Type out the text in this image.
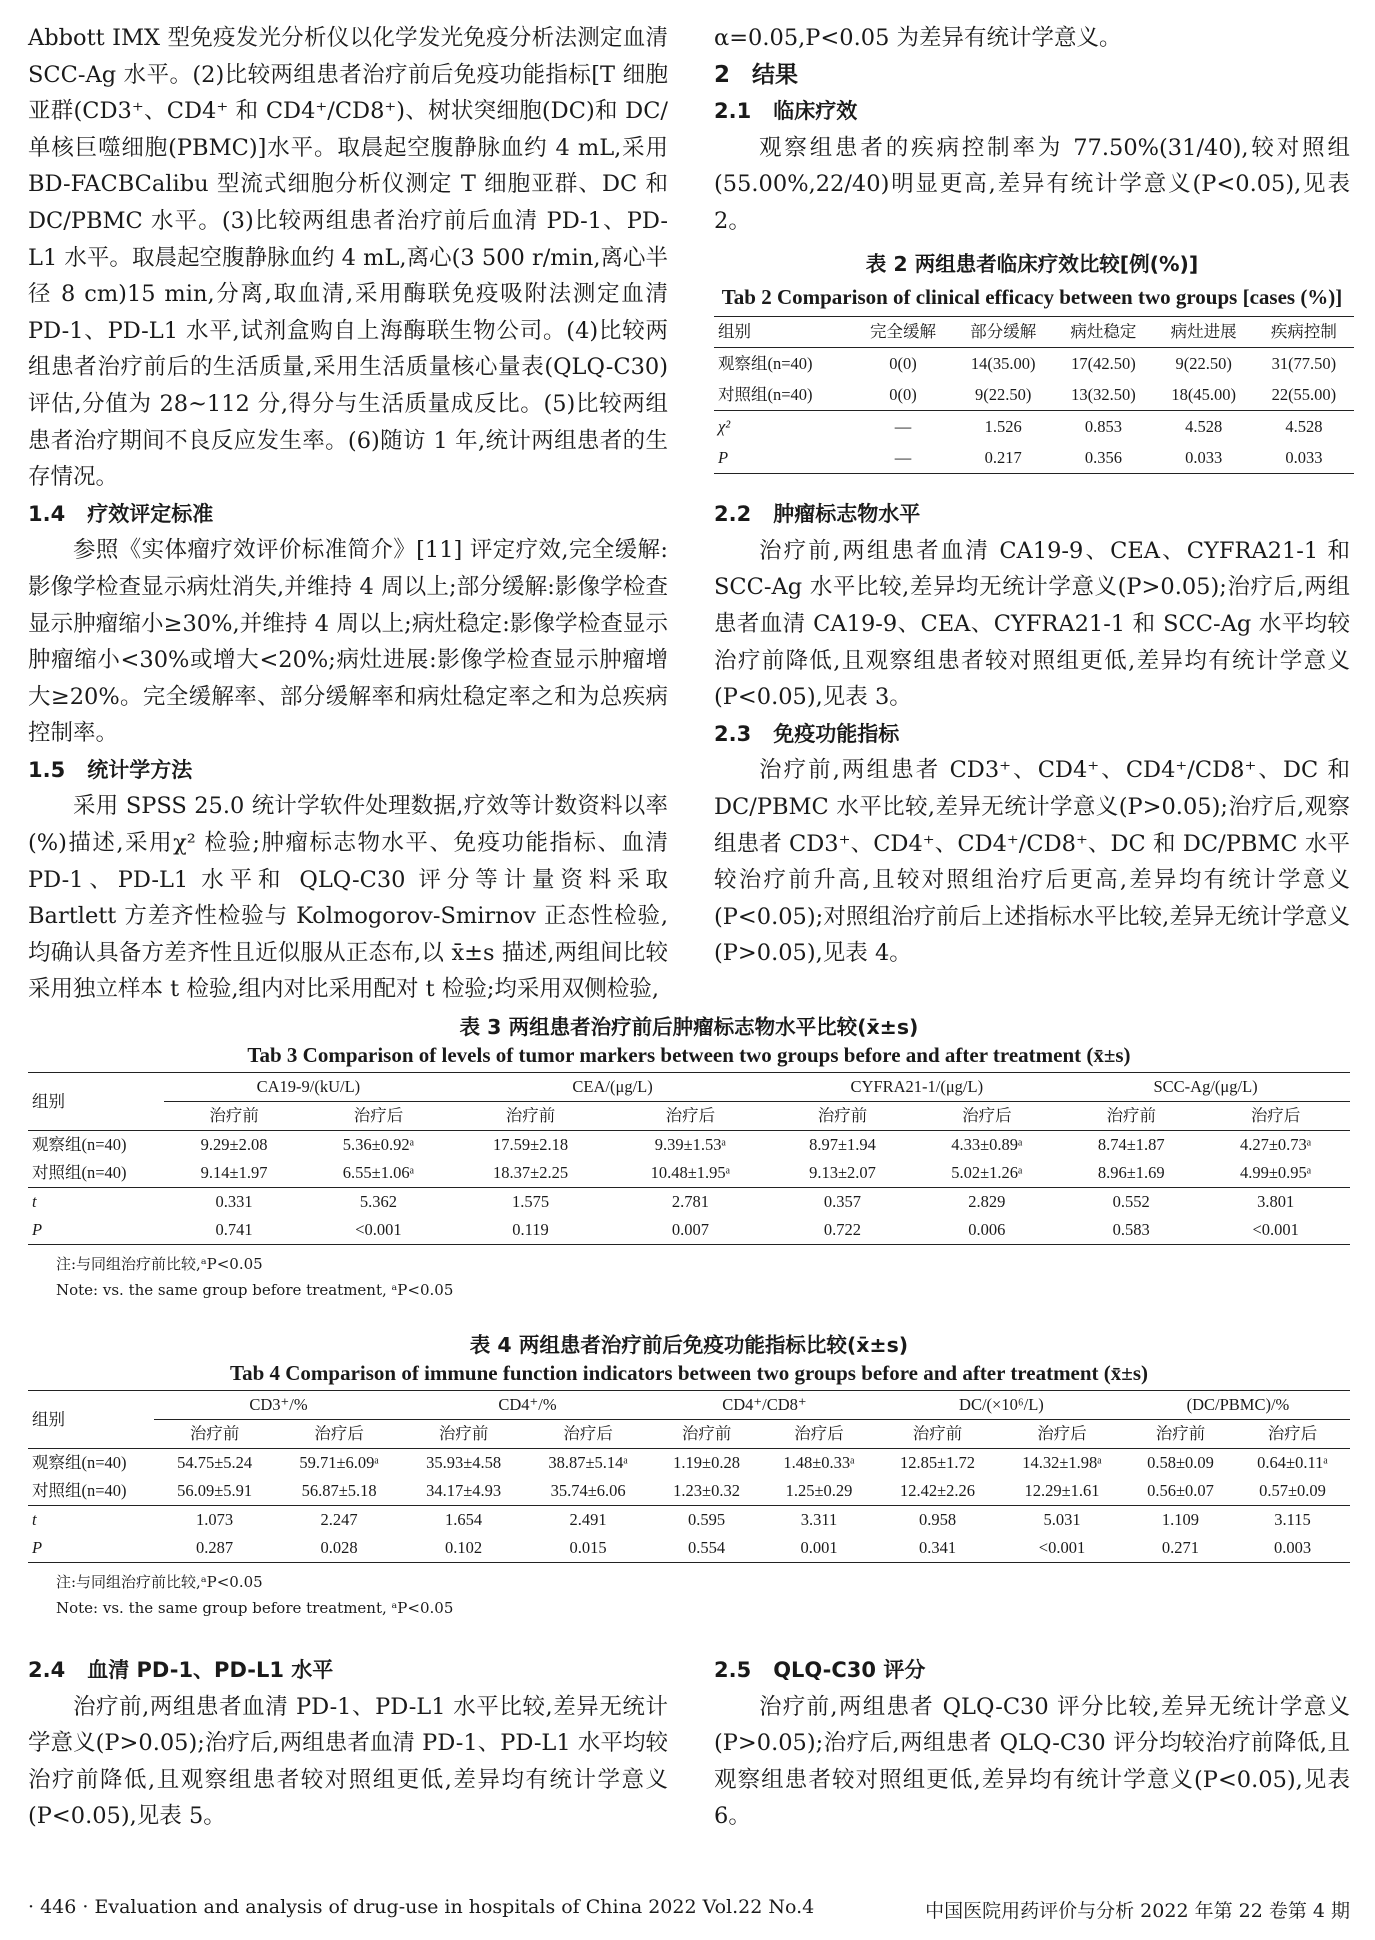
Abbott IMX 型免疫发光分析仪以化学发光免疫分析法测定血清 SCC-Ag 水平。(2)比较两组患者治疗前后免疫功能指标[T 细胞亚群(CD3⁺、CD4⁺ 和 CD4⁺/CD8⁺)、树状突细胞(DC)和 DC/单核巨噬细胞(PBMC)]水平。取晨起空腹静脉血约 4 mL,采用 BD-FACBCalibu 型流式细胞分析仪测定 T 细胞亚群、DC 和 DC/PBMC 水平。(3)比较两组患者治疗前后血清 PD-1、PD-L1 水平。取晨起空腹静脉血约 4 mL,离心(3 500 r/min,离心半径 8 cm)15 min,分离,取血清,采用酶联免疫吸附法测定血清 PD-1、PD-L1 水平,试剂盒购自上海酶联生物公司。(4)比较两组患者治疗前后的生活质量,采用生活质量核心量表(QLQ-C30)评估,分值为 28~112 分,得分与生活质量成反比。(5)比较两组患者治疗期间不良反应发生率。(6)随访 1 年,统计两组患者的生存情况。

1.4 疗效评定标准

参照《实体瘤疗效评价标准简介》[11] 评定疗效,完全缓解:影像学检查显示病灶消失,并维持 4 周以上;部分缓解:影像学检查显示肿瘤缩小≥30%,并维持 4 周以上;病灶稳定:影像学检查显示肿瘤缩小<30%或增大<20%;病灶进展:影像学检查显示肿瘤增大≥20%。完全缓解率、部分缓解率和病灶稳定率之和为总疾病控制率。

1.5 统计学方法

采用 SPSS 25.0 统计学软件处理数据,疗效等计数资料以率(%)描述,采用χ² 检验;肿瘤标志物水平、免疫功能指标、血清 PD-1、PD-L1 水平和 QLQ-C30 评分等计量资料采取 Bartlett 方差齐性检验与 Kolmogorov-Smirnov 正态性检验,均确认具备方差齐性且近似服从正态布,以 x̄±s 描述,两组间比较采用独立样本 t 检验,组内对比采用配对 t 检验;均采用双侧检验,

α=0.05,P<0.05 为差异有统计学意义。

2 结果

2.1 临床疗效

观察组患者的疾病控制率为 77.50%(31/40),较对照组(55.00%,22/40)明显更高,差异有统计学意义(P<0.05),见表 2。

表 2 两组患者临床疗效比较[例(%)]

Tab 2 Comparison of clinical efficacy between two groups [cases (%)]

组别	完全缓解	部分缓解	病灶稳定	病灶进展	疾病控制
观察组(n=40)	0(0)	14(35.00)	17(42.50)	9(22.50)	31(77.50)
对照组(n=40)	0(0)	9(22.50)	13(32.50)	18(45.00)	22(55.00)
χ²	—	1.526	0.853	4.528	4.528
P	—	0.217	0.356	0.033	0.033

2.2 肿瘤标志物水平

治疗前,两组患者血清 CA19-9、CEA、CYFRA21-1 和 SCC-Ag 水平比较,差异均无统计学意义(P>0.05);治疗后,两组患者血清 CA19-9、CEA、CYFRA21-1 和 SCC-Ag 水平均较治疗前降低,且观察组患者较对照组更低,差异均有统计学意义(P<0.05),见表 3。

2.3 免疫功能指标

治疗前,两组患者 CD3⁺、CD4⁺、CD4⁺/CD8⁺、DC 和 DC/PBMC 水平比较,差异无统计学意义(P>0.05);治疗后,观察组患者 CD3⁺、CD4⁺、CD4⁺/CD8⁺、DC 和 DC/PBMC 水平较治疗前升高,且较对照组治疗后更高,差异均有统计学意义(P<0.05);对照组治疗前后上述指标水平比较,差异无统计学意义(P>0.05),见表 4。

表 3 两组患者治疗前后肿瘤标志物水平比较(x̄±s)

Tab 3 Comparison of levels of tumor markers between two groups before and after treatment (x̄±s)

组别	CA19-9/(kU/L)		CEA/(μg/L)		CYFRA21-1/(μg/L)		SCC-Ag/(μg/L)	
	治疗前	治疗后	治疗前	治疗后	治疗前	治疗后	治疗前	治疗后
观察组(n=40)	9.29±2.08	5.36±0.92ᵃ	17.59±2.18	9.39±1.53ᵃ	8.97±1.94	4.33±0.89ᵃ	8.74±1.87	4.27±0.73ᵃ
对照组(n=40)	9.14±1.97	6.55±1.06ᵃ	18.37±2.25	10.48±1.95ᵃ	9.13±2.07	5.02±1.26ᵃ	8.96±1.69	4.99±0.95ᵃ
t	0.331	5.362	1.575	2.781	0.357	2.829	0.552	3.801
P	0.741	<0.001	0.119	0.007	0.722	0.006	0.583	<0.001

注:与同组治疗前比较,ᵃP<0.05

Note: vs. the same group before treatment, ᵃP<0.05

表 4 两组患者治疗前后免疫功能指标比较(x̄±s)

Tab 4 Comparison of immune function indicators between two groups before and after treatment (x̄±s)

组别	CD3⁺/%		CD4⁺/%		CD4⁺/CD8⁺		DC/(×10⁶/L)		(DC/PBMC)/%	
	治疗前	治疗后	治疗前	治疗后	治疗前	治疗后	治疗前	治疗后	治疗前	治疗后
观察组(n=40)	54.75±5.24	59.71±6.09ᵃ	35.93±4.58	38.87±5.14ᵃ	1.19±0.28	1.48±0.33ᵃ	12.85±1.72	14.32±1.98ᵃ	0.58±0.09	0.64±0.11ᵃ
对照组(n=40)	56.09±5.91	56.87±5.18	34.17±4.93	35.74±6.06	1.23±0.32	1.25±0.29	12.42±2.26	12.29±1.61	0.56±0.07	0.57±0.09
t	1.073	2.247	1.654	2.491	0.595	3.311	0.958	5.031	1.109	3.115
P	0.287	0.028	0.102	0.015	0.554	0.001	0.341	<0.001	0.271	0.003

注:与同组治疗前比较,ᵃP<0.05

Note: vs. the same group before treatment, ᵃP<0.05

2.4 血清 PD-1、PD-L1 水平

治疗前,两组患者血清 PD-1、PD-L1 水平比较,差异无统计学意义(P>0.05);治疗后,两组患者血清 PD-1、PD-L1 水平均较治疗前降低,且观察组患者较对照组更低,差异均有统计学意义(P<0.05),见表 5。

2.5 QLQ-C30 评分

治疗前,两组患者 QLQ-C30 评分比较,差异无统计学意义(P>0.05);治疗后,两组患者 QLQ-C30 评分均较治疗前降低,且观察组患者较对照组更低,差异均有统计学意义(P<0.05),见表 6。

· 446 · Evaluation and analysis of drug-use in hospitals of China 2022 Vol.22 No.4	中国医院用药评价与分析 2022 年第 22 卷第 4 期
